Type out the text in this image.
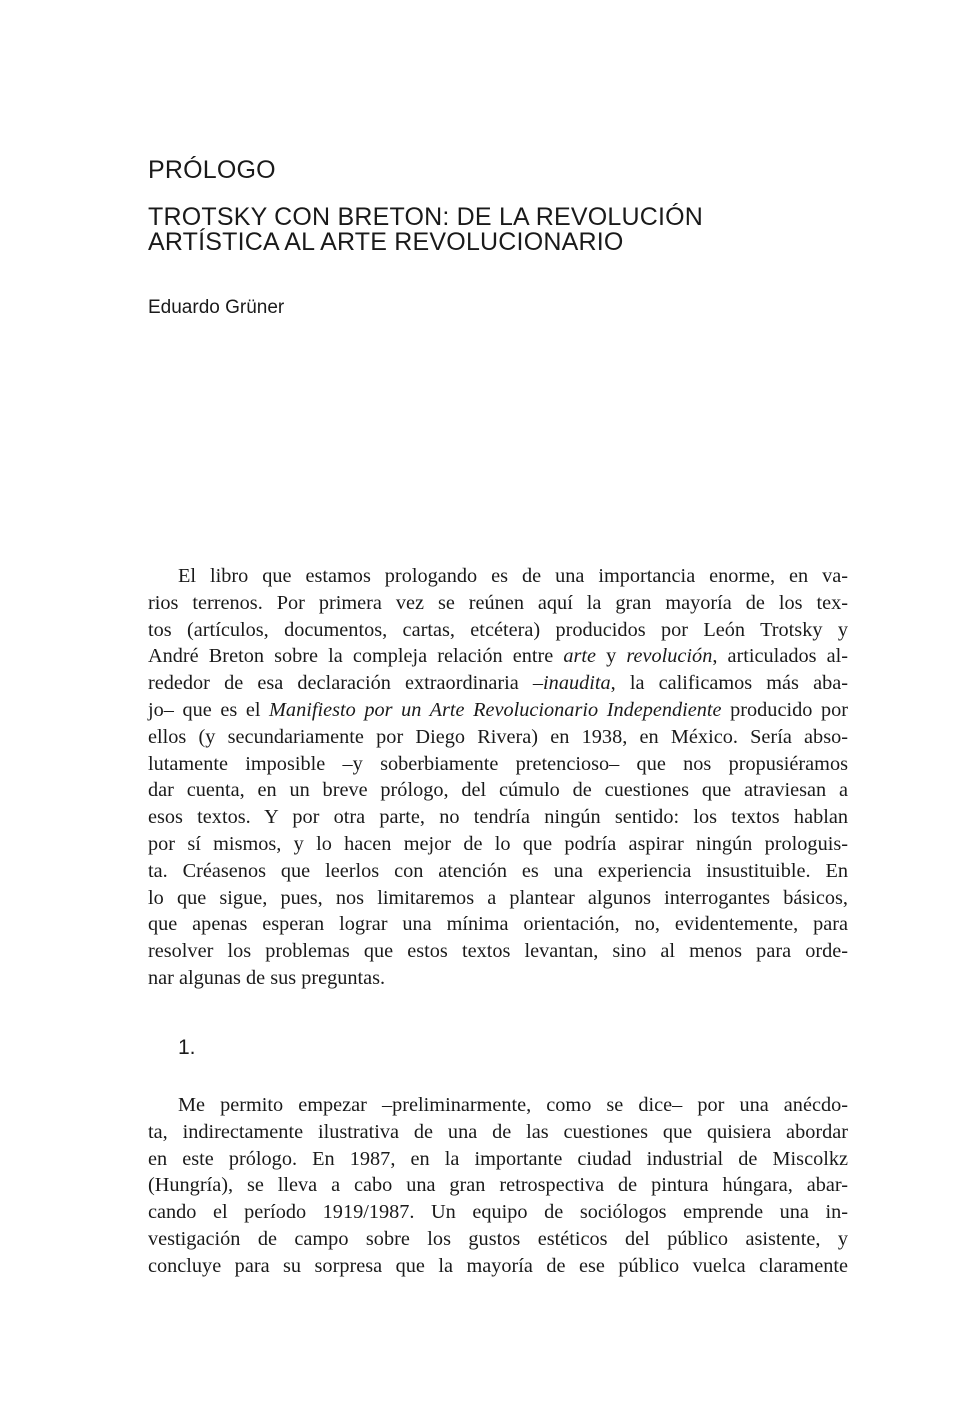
PRÓLOGO
TROTSKY CON BRETON: DE LA REVOLUCIÓN
ARTÍSTICA AL ARTE REVOLUCIONARIO
Eduardo Grüner
El libro que estamos prologando es de una importancia enorme, en va-
rios terrenos. Por primera vez se reúnen aquí la gran mayoría de los tex-
tos (artículos, documentos, cartas, etcétera) producidos por León Trotsky y
André Breton sobre la compleja relación entre arte y revolución, articulados al-
rededor de esa declaración extraordinaria –inaudita, la calificamos más aba-
jo– que es el Manifiesto por un Arte Revolucionario Independiente producido por
ellos (y secundariamente por Diego Rivera) en 1938, en México. Sería abso-
lutamente imposible –y soberbiamente pretencioso– que nos propusiéramos
dar cuenta, en un breve prólogo, del cúmulo de cuestiones que atraviesan a
esos textos. Y por otra parte, no tendría ningún sentido: los textos hablan
por sí mismos, y lo hacen mejor de lo que podría aspirar ningún prologuis-
ta. Créasenos que leerlos con atención es una experiencia insustituible. En
lo que sigue, pues, nos limitaremos a plantear algunos interrogantes básicos,
que apenas esperan lograr una mínima orientación, no, evidentemente, para
resolver los problemas que estos textos levantan, sino al menos para orde-
nar algunas de sus preguntas.
1.
Me permito empezar –preliminarmente, como se dice– por una anécdo-
ta, indirectamente ilustrativa de una de las cuestiones que quisiera abordar
en este prólogo. En 1987, en la importante ciudad industrial de Miscolkz
(Hungría), se lleva a cabo una gran retrospectiva de pintura húngara, abar-
cando el período 1919/1987. Un equipo de sociólogos emprende una in-
vestigación de campo sobre los gustos estéticos del público asistente, y
concluye para su sorpresa que la mayoría de ese público vuelca claramente
